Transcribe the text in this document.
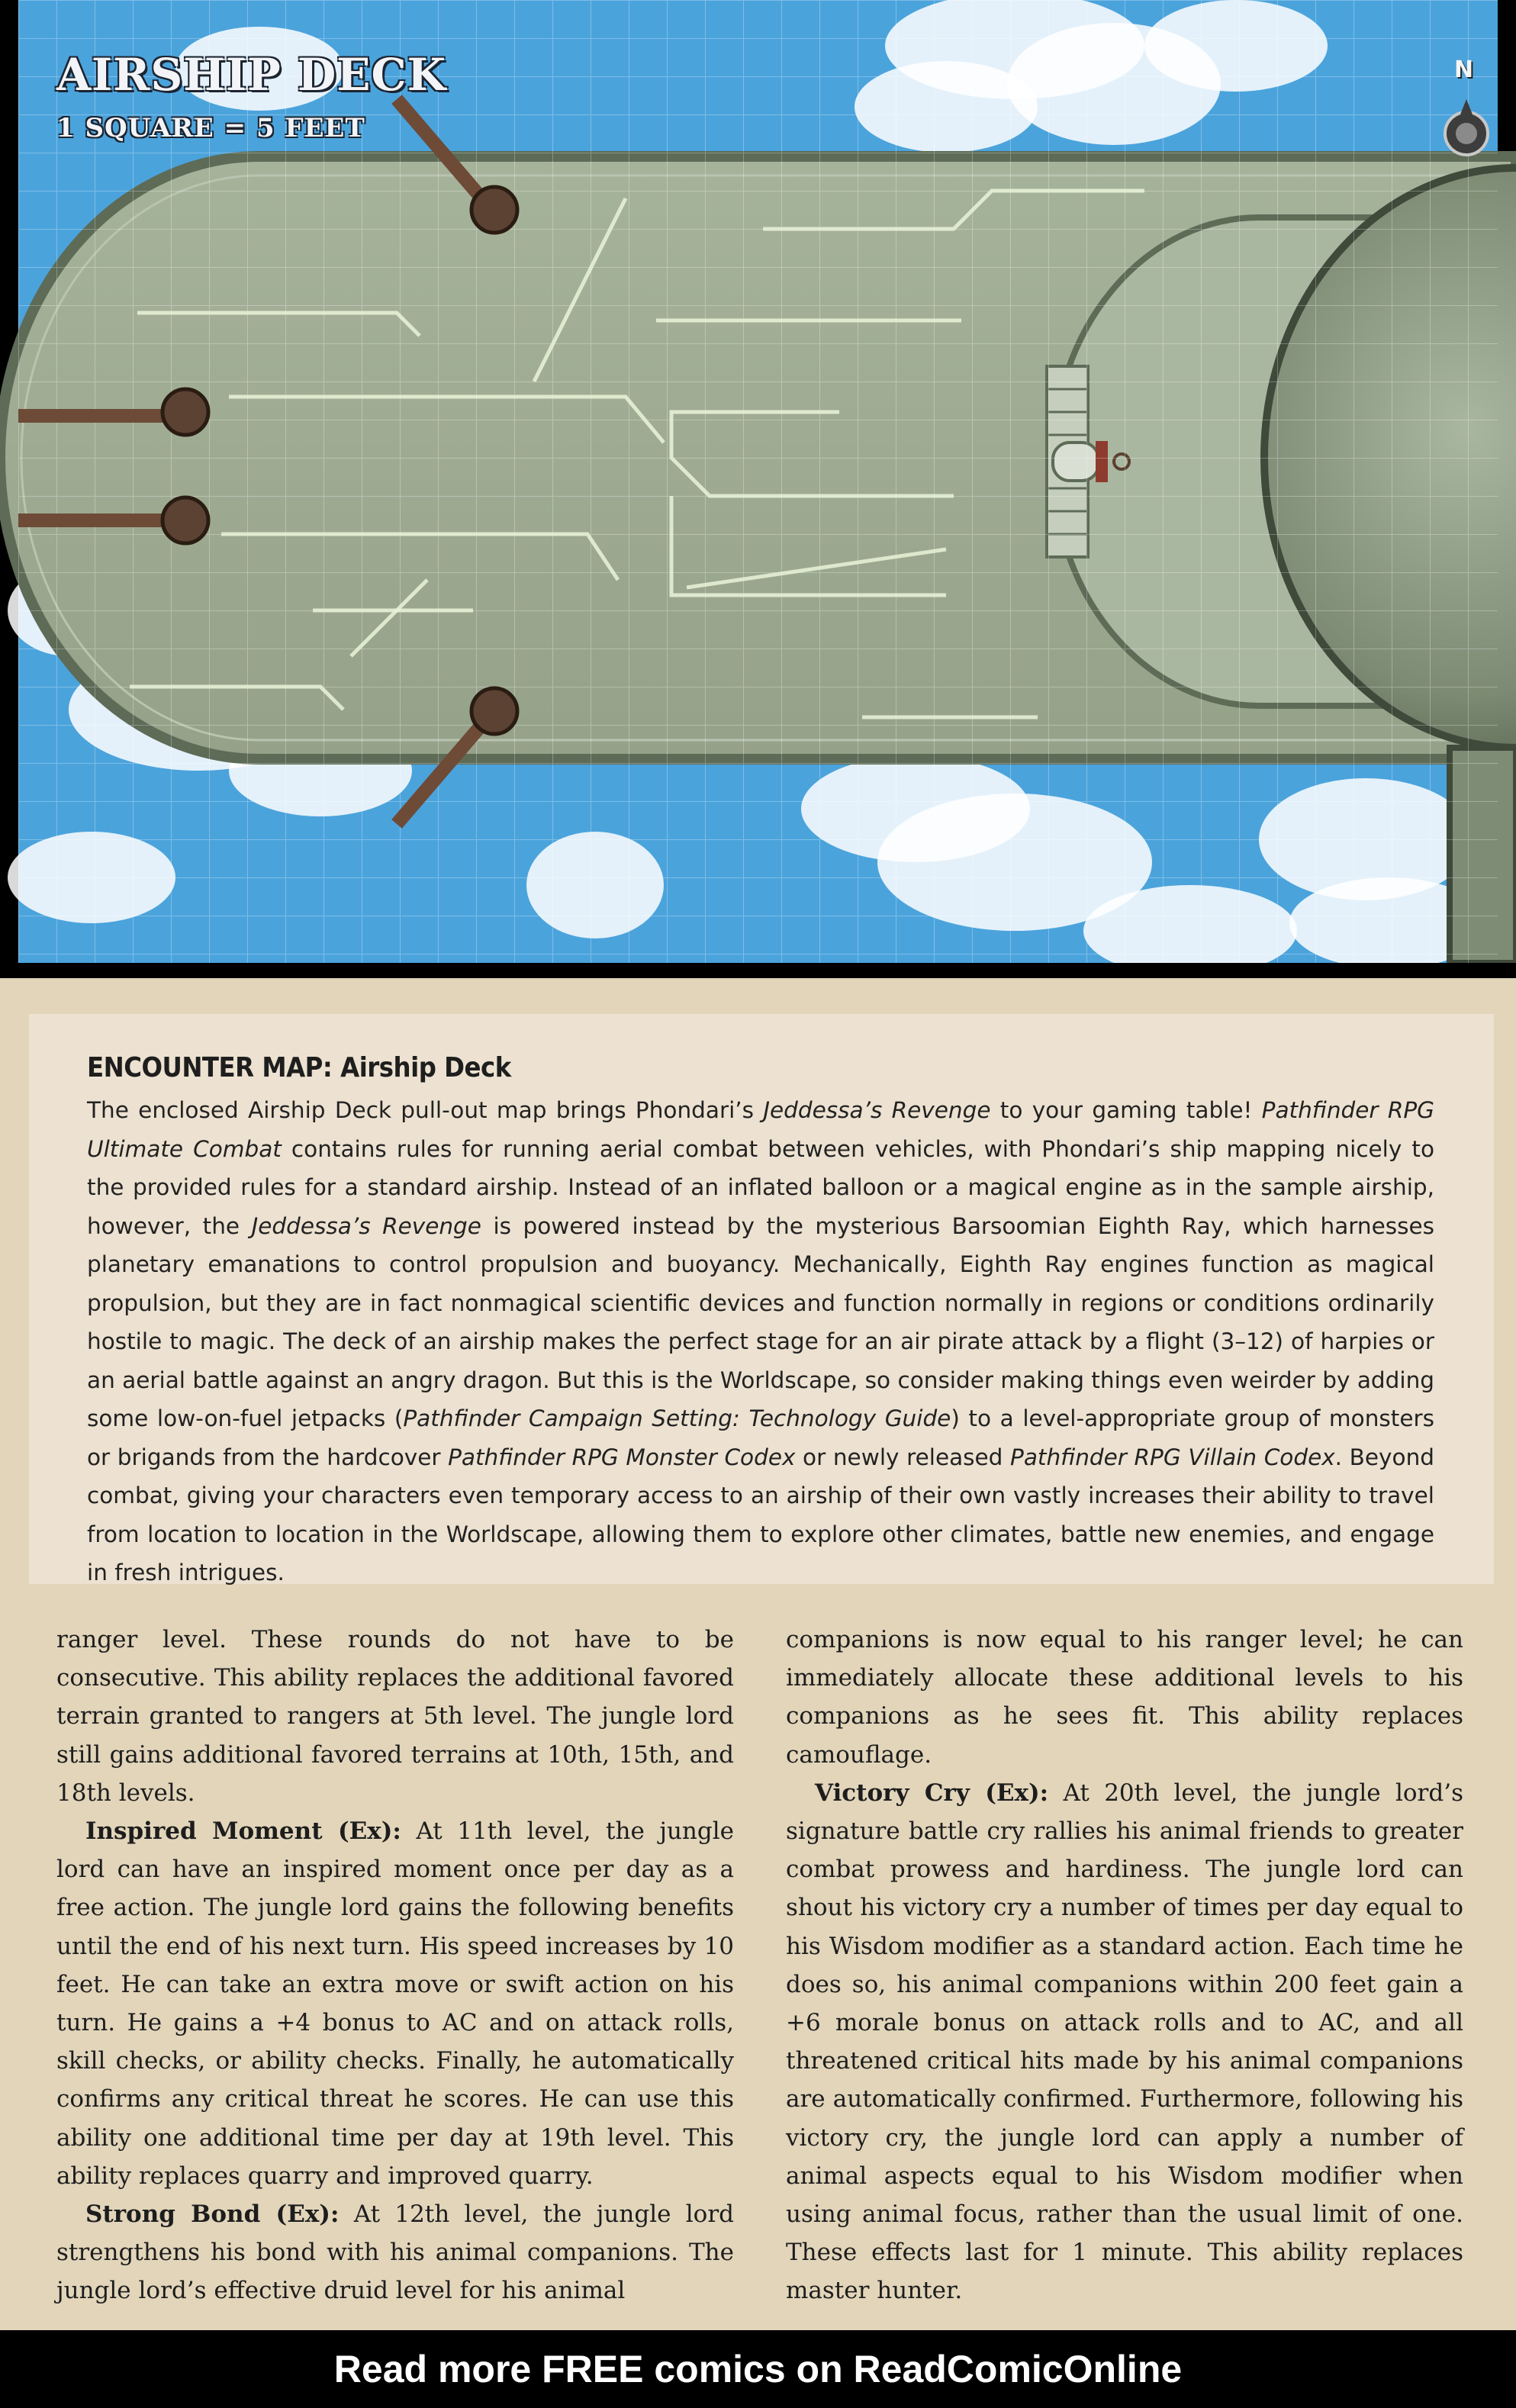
AIRSHIP DECK
1 SQUARE = 5 FEET
N
ENCOUNTER MAP: Airship Deck

The enclosed Airship Deck pull-out map brings Phondari’s Jeddessa’s Revenge to your gaming table! Pathfinder RPG Ultimate Combat contains rules for running aerial combat between vehicles, with Phondari’s ship mapping nicely to the provided rules for a standard airship. Instead of an inflated balloon or a magical engine as in the sample airship, however, the Jeddessa’s Revenge is powered instead by the mysterious Barsoomian Eighth Ray, which harnesses planetary emanations to control propulsion and buoyancy. Mechanically, Eighth Ray engines function as magical propulsion, but they are in fact nonmagical scientific devices and function normally in regions or conditions ordinarily hostile to magic. The deck of an airship makes the perfect stage for an air pirate attack by a flight (3–12) of harpies or an aerial battle against an angry dragon. But this is the Worldscape, so consider making things even weirder by adding some low-on-fuel jetpacks (Pathfinder Campaign Setting: Technology Guide) to a level-appropriate group of monsters or brigands from the hardcover Pathfinder RPG Monster Codex or newly released Pathfinder RPG Villain Codex. Beyond combat, giving your characters even temporary access to an airship of their own vastly increases their ability to travel from location to location in the Worldscape, allowing them to explore other climates, battle new enemies, and engage in fresh intrigues.

ranger level. These rounds do not have to be consecutive. This ability replaces the additional favored terrain granted to rangers at 5th level. The jungle lord still gains additional favored terrains at 10th, 15th, and 18th levels.

Inspired Moment (Ex): At 11th level, the jungle lord can have an inspired moment once per day as a free action. The jungle lord gains the following benefits until the end of his next turn. His speed increases by 10 feet. He can take an extra move or swift action on his turn. He gains a +4 bonus to AC and on attack rolls, skill checks, or ability checks. Finally, he automatically confirms any critical threat he scores. He can use this ability one additional time per day at 19th level. This ability replaces quarry and improved quarry.

Strong Bond (Ex): At 12th level, the jungle lord strengthens his bond with his animal companions. The jungle lord’s effective druid level for his animal

companions is now equal to his ranger level; he can immediately allocate these additional levels to his companions as he sees fit. This ability replaces camouflage.

Victory Cry (Ex): At 20th level, the jungle lord’s signature battle cry rallies his animal friends to greater combat prowess and hardiness. The jungle lord can shout his victory cry a number of times per day equal to his Wisdom modifier as a standard action. Each time he does so, his animal companions within 200 feet gain a +6 morale bonus on attack rolls and to AC, and all threatened critical hits made by his animal companions are automatically confirmed. Furthermore, following his victory cry, the jungle lord can apply a number of animal aspects equal to his Wisdom modifier when using animal focus, rather than the usual limit of one. These effects last for 1 minute. This ability replaces master hunter.

Read more FREE comics on ReadComicOnline
